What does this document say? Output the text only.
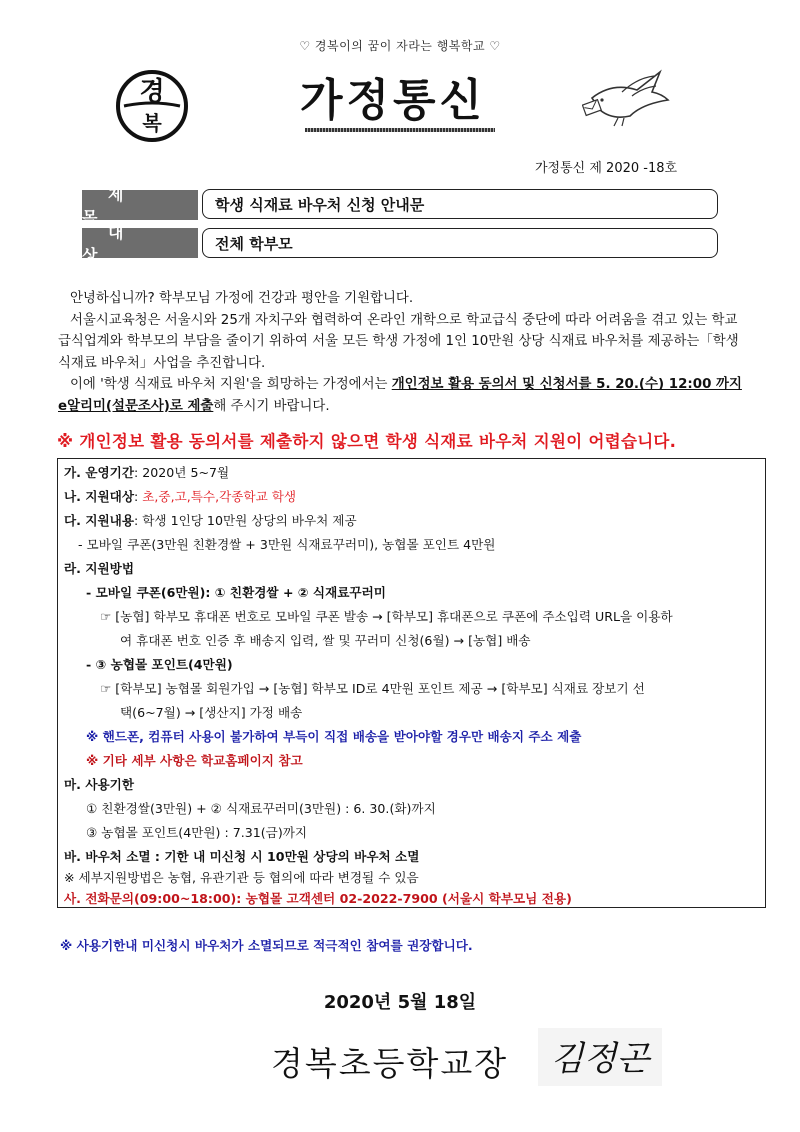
♡ 경복이의 꿈이 자라는 행복학교 ♡
경
복	가정통신
가정통신 제 2020 -18호
제 목
학생 식재료 바우처 신청 안내문
대 상
전체 학부모

안녕하십니까? 학부모님 가정에 건강과 평안을 기원합니다.

서울시교육청은 서울시와 25개 자치구와 협력하여 온라인 개학으로 학교급식 중단에 따라 어려움을 겪고 있는 학교급식업계와 학부모의 부담을 줄이기 위하여 서울 모든 학생 가정에 1인 10만원 상당 식재료 바우처를 제공하는「학생 식재료 바우처」사업을 추진합니다.

이에 '학생 식재료 바우처 지원'을 희망하는 가정에서는 개인정보 활용 동의서 및 신청서를 5. 20.(수) 12:00 까지 e알리미(설문조사)로 제출해 주시기 바랍니다.

※ 개인정보 활용 동의서를 제출하지 않으면 학생 식재료 바우처 지원이 어렵습니다.
가. 운영기간: 2020년 5~7월
나. 지원대상: 초,중,고,특수,각종학교 학생
다. 지원내용: 학생 1인당 10만원 상당의 바우처 제공
- 모바일 쿠폰(3만원 친환경쌀 + 3만원 식재료꾸러미), 농협몰 포인트 4만원
라. 지원방법
- 모바일 쿠폰(6만원): ① 친환경쌀 + ② 식재료꾸러미
☞ [농협] 학부모 휴대폰 번호로 모바일 쿠폰 발송 → [학부모] 휴대폰으로 쿠폰에 주소입력 URL을 이용하
여 휴대폰 번호 인증 후 배송지 입력, 쌀 및 꾸러미 신청(6월) → [농협] 배송
- ③ 농협몰 포인트(4만원)
☞ [학부모] 농협몰 회원가입 → [농협] 학부모 ID로 4만원 포인트 제공 → [학부모] 식재료 장보기 선
택(6~7월) → [생산지] 가정 배송
※ 핸드폰, 컴퓨터 사용이 불가하여 부득이 직접 배송을 받아야할 경우만 배송지 주소 제출
※ 기타 세부 사항은 학교홈페이지 참고
마. 사용기한
① 친환경쌀(3만원) + ② 식재료꾸러미(3만원) : 6. 30.(화)까지
③ 농협몰 포인트(4만원) : 7.31(금)까지
바. 바우처 소멸 : 기한 내 미신청 시 10만원 상당의 바우처 소멸
※ 세부지원방법은 농협, 유관기관 등 협의에 따라 변경될 수 있음
사. 전화문의(09:00~18:00): 농협몰 고객센터 02-2022-7900 (서울시 학부모님 전용)
※ 사용기한내 미신청시 바우처가 소멸되므로 적극적인 참여를 권장합니다.
2020년 5월 18일
경복초등학교장 김정곤
